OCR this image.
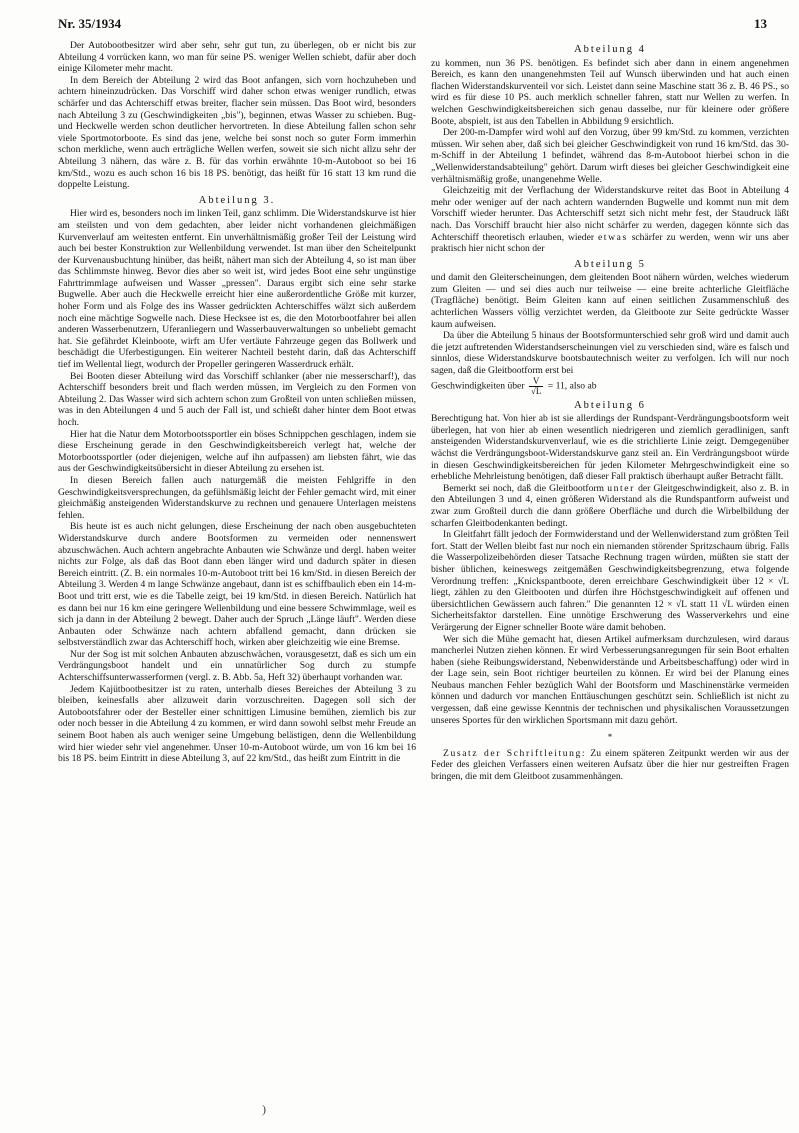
Nr. 35/1934	13

Der Autobootbesitzer wird aber sehr, sehr gut tun, zu überlegen, ob er nicht bis zur Abteilung 4 vorrücken kann, wo man für seine PS. weniger Wellen schiebt, dafür aber doch einige Kilometer mehr macht.

In dem Bereich der Abteilung 2 wird das Boot anfangen, sich vorn hochzuheben und achtern hineinzudrücken. Das Vorschiff wird daher schon etwas weniger rundlich, etwas schärfer und das Achterschiff etwas breiter, flacher sein müssen. Das Boot wird, besonders nach Abteilung 3 zu (Geschwindigkeiten „bis"), beginnen, etwas Wasser zu schieben. Bug- und Heckwelle werden schon deutlicher hervortreten. In diese Abteilung fallen schon sehr viele Sportmotorboote. Es sind das jene, welche bei sonst noch so guter Form immerhin schon merkliche, wenn auch erträgliche Wellen werfen, soweit sie sich nicht allzu sehr der Abteilung 3 nähern, das wäre z. B. für das vorhin erwähnte 10-m-Autoboot so bei 16 km/Std., wozu es auch schon 16 bis 18 PS. benötigt, das heißt für 16 statt 13 km rund die doppelte Leistung.

Abteilung 3.

Hier wird es, besonders noch im linken Teil, ganz schlimm. Die Widerstandskurve ist hier am steilsten und von dem gedachten, aber leider nicht vorhandenen gleichmäßigen Kurvenverlauf am weitesten entfernt. Ein unverhältnismäßig großer Teil der Leistung wird auch bei bester Konstruktion zur Wellenbildung verwendet. Ist man über den Scheitelpunkt der Kurvenausbuchtung hinüber, das heißt, nähert man sich der Abteilung 4, so ist man über das Schlimmste hinweg. Bevor dies aber so weit ist, wird jedes Boot eine sehr ungünstige Fahrttrimmlage aufweisen und Wasser „pressen". Daraus ergibt sich eine sehr starke Bugwelle. Aber auch die Heckwelle erreicht hier eine außerordentliche Größe mit kurzer, hoher Form und als Folge des ins Wasser gedrückten Achterschiffes wälzt sich außerdem noch eine mächtige Sogwelle nach. Diese Hecksee ist es, die den Motorbootfahrer bei allen anderen Wasserbenutzern, Uferanliegern und Wasserbauverwaltungen so unbeliebt gemacht hat. Sie gefährdet Kleinboote, wirft am Ufer vertäute Fahrzeuge gegen das Bollwerk und beschädigt die Uferbestigungen. Ein weiterer Nachteil besteht darin, daß das Achterschiff tief im Wellental liegt, wodurch der Propeller geringeren Wasserdruck erhält.

Bei Booten dieser Abteilung wird das Vorschiff schlanker (aber nie messerscharf!), das Achterschiff besonders breit und flach werden müssen, im Vergleich zu den Formen von Abteilung 2. Das Wasser wird sich achtern schon zum Großteil von unten schließen müssen, was in den Abteilungen 4 und 5 auch der Fall ist, und schießt daher hinter dem Boot etwas hoch.

Hier hat die Natur dem Motorbootssportler ein böses Schnippchen geschlagen, indem sie diese Erscheinung gerade in den Geschwindigkeitsbereich verlegt hat, welche der Motorbootssportler (oder diejenigen, welche auf ihn aufpassen) am liebsten fährt, wie das aus der Geschwindigkeitsübersicht in dieser Abteilung zu ersehen ist.

In diesen Bereich fallen auch naturgemäß die meisten Fehlgriffe in den Geschwindigkeitsversprechungen, da gefühlsmäßig leicht der Fehler gemacht wird, mit einer gleichmäßig ansteigenden Widerstandskurve zu rechnen und genauere Unterlagen meistens fehlen.

Bis heute ist es auch nicht gelungen, diese Erscheinung der nach oben ausgebuchteten Widerstandskurve durch andere Bootsformen zu vermeiden oder nennenswert abzuschwächen. Auch achtern angebrachte Anbauten wie Schwänze und dergl. haben weiter nichts zur Folge, als daß das Boot dann eben länger wird und dadurch später in diesen Bereich eintritt. (Z. B. ein normales 10-m-Autoboot tritt bei 16 km/Std. in diesen Bereich der Abteilung 3. Werden 4 m lange Schwänze angebaut, dann ist es schiffbaulich eben ein 14-m-Boot und tritt erst, wie es die Tabelle zeigt, bei 19 km/Std. in diesen Bereich. Natürlich hat es dann bei nur 16 km eine geringere Wellenbildung und eine bessere Schwimmlage, weil es sich ja dann in der Abteilung 2 bewegt. Daher auch der Spruch „Länge läuft". Werden diese Anbauten oder Schwänze nach achtern abfallend gemacht, dann drücken sie selbstverständlich zwar das Achterschiff hoch, wirken aber gleichzeitig wie eine Bremse.

Nur der Sog ist mit solchen Anbauten abzuschwächen, vorausgesetzt, daß es sich um ein Verdrängungsboot handelt und ein unnatürlicher Sog durch zu stumpfe Achterschiffsunterwasserformen (vergl. z. B. Abb. 5a, Heft 32) überhaupt vorhanden war.

Jedem Kajütbootbesitzer ist zu raten, unterhalb dieses Bereiches der Abteilung 3 zu bleiben, keinesfalls aber allzuweit darin vorzuschreiten. Dagegen soll sich der Autobootsfahrer oder der Besteller einer schnittigen Limusine bemühen, ziemlich bis zur oder noch besser in die Abteilung 4 zu kommen, er wird dann sowohl selbst mehr Freude an seinem Boot haben als auch weniger seine Umgebung belästigen, denn die Wellenbildung wird hier wieder sehr viel angenehmer. Unser 10-m-Autoboot würde, um von 16 km bei 16 bis 18 PS. beim Eintritt in diese Abteilung 3, auf 22 km/Std., das heißt zum Eintritt in die

Abteilung 4

zu kommen, nun 36 PS. benötigen. Es befindet sich aber dann in einem angenehmen Bereich, es kann den unangenehmsten Teil auf Wunsch überwinden und hat auch einen flachen Widerstandskurventeil vor sich. Leistet dann seine Maschine statt 36 z. B. 46 PS., so wird es für diese 10 PS. auch merklich schneller fahren, statt nur Wellen zu werfen. In welchen Geschwindigkeitsbereichen sich genau dasselbe, nur für kleinere oder größere Boote, abspielt, ist aus den Tabellen in Abbildung 9 ersichtlich.

Der 200-m-Dampfer wird wohl auf den Vorzug, über 99 km/Std. zu kommen, verzichten müssen. Wir sehen aber, daß sich bei gleicher Geschwindigkeit von rund 16 km/Std. das 30-m-Schiff in der Abteilung 1 befindet, während das 8-m-Autoboot hierbei schon in die „Wellenwiderstandsabteilung" gehört. Darum wirft dieses bei gleicher Geschwindigkeit eine verhältnismäßig große, unangenehme Welle.

Gleichzeitig mit der Verflachung der Widerstandskurve reitet das Boot in Abteilung 4 mehr oder weniger auf der nach achtern wandernden Bugwelle und kommt nun mit dem Vorschiff wieder herunter. Das Achterschiff setzt sich nicht mehr fest, der Staudruck läßt nach. Das Vorschiff braucht hier also nicht schärfer zu werden, dagegen könnte sich das Achterschiff theoretisch erlauben, wieder etwas schärfer zu werden, wenn wir uns aber praktisch hier nicht schon der

Abteilung 5

und damit den Gleiterscheinungen, dem gleitenden Boot nähern würden, welches wiederum zum Gleiten — und sei dies auch nur teilweise — eine breite achterliche Gleitfläche (Tragfläche) benötigt. Beim Gleiten kann auf einen seitlichen Zusammenschluß des achterlichen Wassers völlig verzichtet werden, da Gleitboote zur Seite gedrückte Wasser kaum aufweisen.

Da über die Abteilung 5 hinaus der Bootsformunterschied sehr groß wird und damit auch die jetzt auftretenden Widerstandserscheinungen viel zu verschieden sind, wäre es falsch und sinnlos, diese Widerstandskurve bootsbautechnisch weiter zu verfolgen. Ich will nur noch sagen, daß die Gleitbootform erst bei

Geschwindigkeiten über $\frac{V}{√L} = 11$, also ab

Abteilung 6

Berechtigung hat. Von hier ab ist sie allerdings der Rundspant-Verdrängungsbootsform weit überlegen, hat von hier ab einen wesentlich niedrigeren und ziemlich geradlinigen, sanft ansteigenden Widerstandskurvenverlauf, wie es die strichlierte Linie zeigt. Demgegenüber wächst die Verdrängungsboot-Widerstandskurve ganz steil an. Ein Verdrängungsboot würde in diesen Geschwindigkeitsbereichen für jeden Kilometer Mehrgeschwindigkeit eine so erhebliche Mehrleistung benötigen, daß dieser Fall praktisch überhaupt außer Betracht fällt.

Bemerkt sei noch, daß die Gleitbootform unter der Gleitgeschwindigkeit, also z. B. in den Abteilungen 3 und 4, einen größeren Widerstand als die Rundspantform aufweist und zwar zum Großteil durch die dann größere Oberfläche und durch die Wirbelbildung der scharfen Gleitbodenkanten bedingt.

In Gleitfahrt fällt jedoch der Formwiderstand und der Wellenwiderstand zum größten Teil fort. Statt der Wellen bleibt fast nur noch ein niemanden störender Spritzschaum übrig. Falls die Wasserpolizeibehörden dieser Tatsache Rechnung tragen würden, müßten sie statt der bisher üblichen, keineswegs zeitgemäßen Geschwindigkeitsbegrenzung, etwa folgende Verordnung treffen: „Knickspantboote, deren erreichbare Geschwindigkeit über 12 × √L liegt, zählen zu den Gleitbooten und dürfen ihre Höchstgeschwindigkeit auf offenen und übersichtlichen Gewässern auch fahren." Die genannten 12 × √L statt 11 √L würden einen Sicherheitsfaktor darstellen. Eine unnötige Erschwerung des Wasserverkehrs und eine Verärgerung der Eigner schneller Boote wäre damit behoben.

Wer sich die Mühe gemacht hat, diesen Artikel aufmerksam durchzulesen, wird daraus mancherlei Nutzen ziehen können. Er wird Verbesserungsanregungen für sein Boot erhalten haben (siehe Reibungswiderstand, Nebenwiderstände und Arbeitsbeschaffung) oder wird in der Lage sein, sein Boot richtiger beurteilen zu können. Er wird bei der Planung eines Neubaus manchen Fehler bezüglich Wahl der Bootsform und Maschinenstärke vermeiden können und dadurch vor manchen Enttäuschungen geschützt sein. Schließlich ist nicht zu vergessen, daß eine gewisse Kenntnis der technischen und physikalischen Voraussetzungen unseres Sportes für den wirklichen Sportsmann mit dazu gehört.

*

Zusatz der Schriftleitung: Zu einem späteren Zeitpunkt werden wir aus der Feder des gleichen Verfassers einen weiteren Aufsatz über die hier nur gestreiften Fragen bringen, die mit dem Gleitboot zusammenhängen.

)
